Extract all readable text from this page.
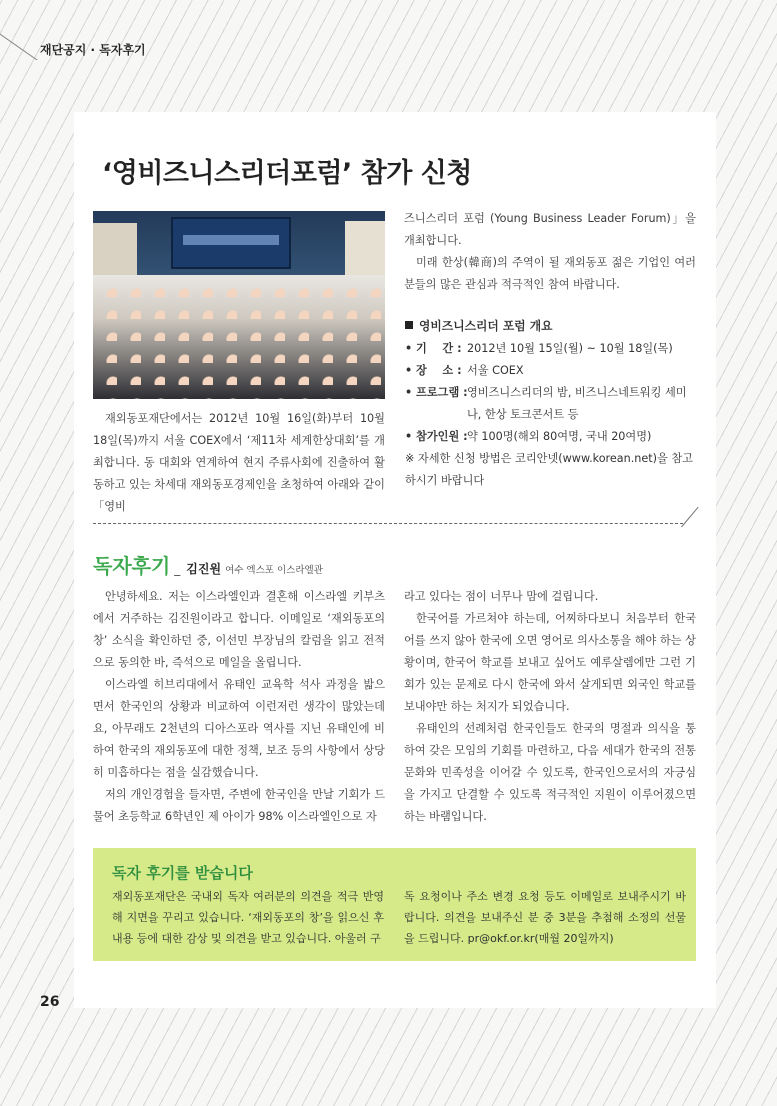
재단공지 · 독자후기
‘영비즈니스리더포럼’ 참가 신청

재외동포재단에서는 2012년 10월 16일(화)부터 10월 18일(목)까지 서울 COEX에서 ‘제11차 세계한상대회’를 개최합니다. 동 대회와 연계하여 현지 주류사회에 진출하여 활동하고 있는 차세대 재외동포경제인을 초청하여 아래와 같이 「영비

즈니스리더 포럼 (Young Business Leader Forum)」을 개최합니다.
미래 한상(韓商)의 주역이 될 재외동포 젊은 기업인 여러분들의 많은 관심과 적극적인 참여 바랍니다.
영비즈니스리더 포럼 개요
• 기    간 : 2012년 10월 15일(월) ~ 10월 18일(목)
• 장    소 : 서울 COEX
• 프로그램 : 영비즈니스리더의 밤, 비즈니스네트워킹 세미나, 한상 토크콘서트 등
• 참가인원 : 약 100명(해외 80여명, 국내 20여명)
※ 자세한 신청 방법은 코리안넷(www.korean.net)을 참고하시기 바랍니다
독자후기 _ 김진원 여수 엑스포 이스라엘관

안녕하세요. 저는 이스라엘인과 결혼해 이스라엘 키부츠에서 거주하는 김진원이라고 합니다. 이메일로 ‘재외동포의 창’ 소식을 확인하던 중, 이선민 부장님의 칼럼을 읽고 전적으로 동의한 바, 즉석으로 메일을 올립니다.

이스라엘 히브리대에서 유태인 교육학 석사 과정을 밟으면서 한국인의 상황과 비교하여 이런저런 생각이 많았는데요, 아무래도 2천년의 디아스포라 역사를 지닌 유태인에 비하여 한국의 재외동포에 대한 정책, 보조 등의 사항에서 상당히 미흡하다는 점을 실감했습니다.

저의 개인경험을 들자면, 주변에 한국인을 만날 기회가 드물어 초등학교 6학년인 제 아이가 98% 이스라엘인으로 자

라고 있다는 점이 너무나 맘에 걸립니다.

한국어를 가르쳐야 하는데, 어찌하다보니 처음부터 한국어를 쓰지 않아 한국에 오면 영어로 의사소통을 해야 하는 상황이며, 한국어 학교를 보내고 싶어도 예루살렘에만 그런 기회가 있는 문제로 다시 한국에 와서 살게되면 외국인 학교를 보내야만 하는 처지가 되었습니다.

유태인의 선례처럼 한국인들도 한국의 명절과 의식을 통하여 갖은 모임의 기회를 마련하고, 다음 세대가 한국의 전통문화와 민족성을 이어갈 수 있도록, 한국인으로서의 자긍심을 가지고 단결할 수 있도록 적극적인 지원이 이루어졌으면 하는 바램입니다.

독자 후기를 받습니다

재외동포재단은 국내외 독자 여러분의 의견을 적극 반영해 지면을 꾸리고 있습니다. ‘재외동포의 창’을 읽으신 후 내용 등에 대한 감상 및 의견을 받고 있습니다. 아울러 구

독 요청이나 주소 변경 요청 등도 이메일로 보내주시기 바랍니다. 의견을 보내주신 분 중 3분을 추첨해 소정의 선물을 드립니다. pr@okf.or.kr(매월 20일까지)

26
